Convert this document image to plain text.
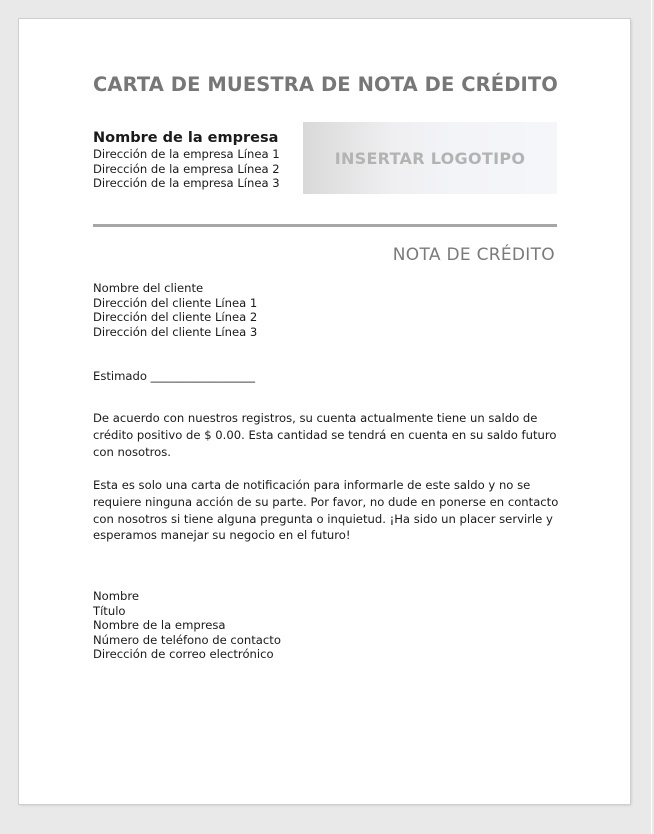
CARTA DE MUESTRA DE NOTA DE CRÉDITO
Nombre de la empresa
Dirección de la empresa Línea 1
Dirección de la empresa Línea 2
Dirección de la empresa Línea 3
INSERTAR LOGOTIPO
NOTA DE CRÉDITO
Nombre del cliente
Dirección del cliente Línea 1
Dirección del cliente Línea 2
Dirección del cliente Línea 3
Estimado __________________
De acuerdo con nuestros registros, su cuenta actualmente tiene un saldo de crédito positivo de $ 0.00. Esta cantidad se tendrá en cuenta en su saldo futuro con nosotros.
Esta es solo una carta de notificación para informarle de este saldo y no se requiere ninguna acción de su parte. Por favor, no dude en ponerse en contacto con nosotros si tiene alguna pregunta o inquietud. ¡Ha sido un placer servirle y esperamos manejar su negocio en el futuro!
Nombre
Título
Nombre de la empresa
Número de teléfono de contacto
Dirección de correo electrónico
